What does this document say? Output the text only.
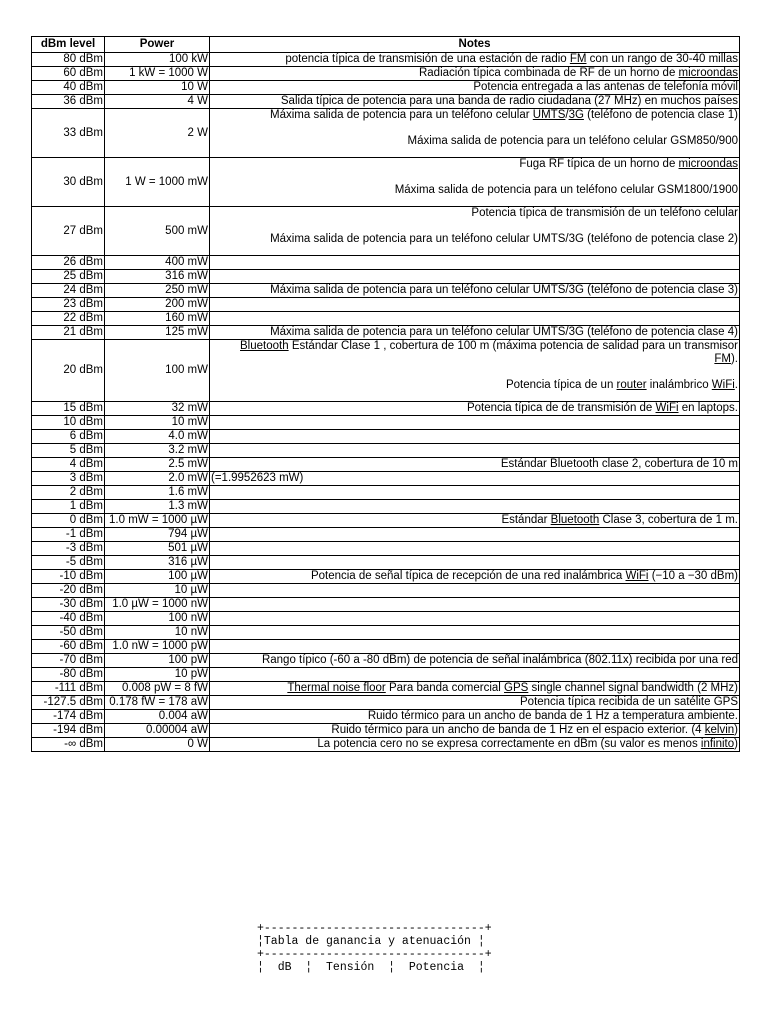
dBm level	Power	Notes
80 dBm	100 kW	potencia típica de transmisión de una estación de radio FM con un rango de 30-40 millas

60 dBm	1 kW = 1000 W	Radiación típica combinada de RF de un horno de microondas

40 dBm	10 W	Potencia entregada a las antenas de telefonía móvil

36 dBm	4 W	Salida típica de potencia para una banda de radio ciudadana (27 MHz) en muchos países

33 dBm	2 W	Máxima salida de potencia para un teléfono celular UMTS/3G (teléfono de potencia clase 1)
Máxima salida de potencia para un teléfono celular GSM850/900

30 dBm	1 W = 1000 mW	Fuga RF típica de un horno de microondas
Máxima salida de potencia para un teléfono celular GSM1800/1900

27 dBm	500 mW	Potencia típica de transmisión de un teléfono celular
Máxima salida de potencia para un teléfono celular UMTS/3G (teléfono de potencia clase 2)

26 dBm	400 mW	
25 dBm	316 mW	
24 dBm	250 mW	Máxima salida de potencia para un teléfono celular UMTS/3G (teléfono de potencia clase 3)

23 dBm	200 mW	
22 dBm	160 mW	
21 dBm	125 mW	Máxima salida de potencia para un teléfono celular UMTS/3G (teléfono de potencia clase 4)

20 dBm	100 mW	Bluetooth Estándar Clase 1 , cobertura de 100 m (máxima potencia de salidad para un transmisor
FM).
Potencia típica de un router inalámbrico WiFi.

15 dBm	32 mW	Potencia típica de de transmisión de WiFi en laptops.

10 dBm	10 mW	
6 dBm	4.0 mW	
5 dBm	3.2 mW	
4 dBm	2.5 mW	Estándar Bluetooth clase 2, cobertura de 10 m

3 dBm	2.0 mW	(=1.9952623 mW)

2 dBm	1.6 mW	
1 dBm	1.3 mW	
0 dBm	1.0 mW = 1000 µW	Estándar Bluetooth Clase 3, cobertura de 1 m.

-1 dBm	794 µW	
-3 dBm	501 µW	
-5 dBm	316 µW	
-10 dBm	100 µW	Potencia de señal típica de recepción de una red inalámbrica WiFi (−10 a −30 dBm)

-20 dBm	10 µW	
-30 dBm	1.0 µW = 1000 nW	
-40 dBm	100 nW	
-50 dBm	10 nW	
-60 dBm	1.0 nW = 1000 pW	
-70 dBm	100 pW	Rango típico (-60 a -80 dBm) de potencia de señal inalámbrica (802.11x) recibida por una red

-80 dBm	10 pW	
-111 dBm	0.008 pW = 8 fW	Thermal noise floor Para banda comercial GPS single channel signal bandwidth (2 MHz)

-127.5 dBm	0.178 fW = 178 aW	Potencia típica recibida de un satélite GPS

-174 dBm	0.004 aW	Ruido térmico para un ancho de banda de 1 Hz a temperatura ambiente.

-194 dBm	0.00004 aW	Ruido térmico para un ancho de banda de 1 Hz en el espacio exterior. (4 kelvin)

-∞ dBm	0 W	La potencia cero no se expresa correctamente en dBm (su valor es menos infinito)
+--------------------------------+
¦Tabla de ganancia y atenuación ¦
+--------------------------------+
¦  dB  ¦  Tensión  ¦  Potencia  ¦
